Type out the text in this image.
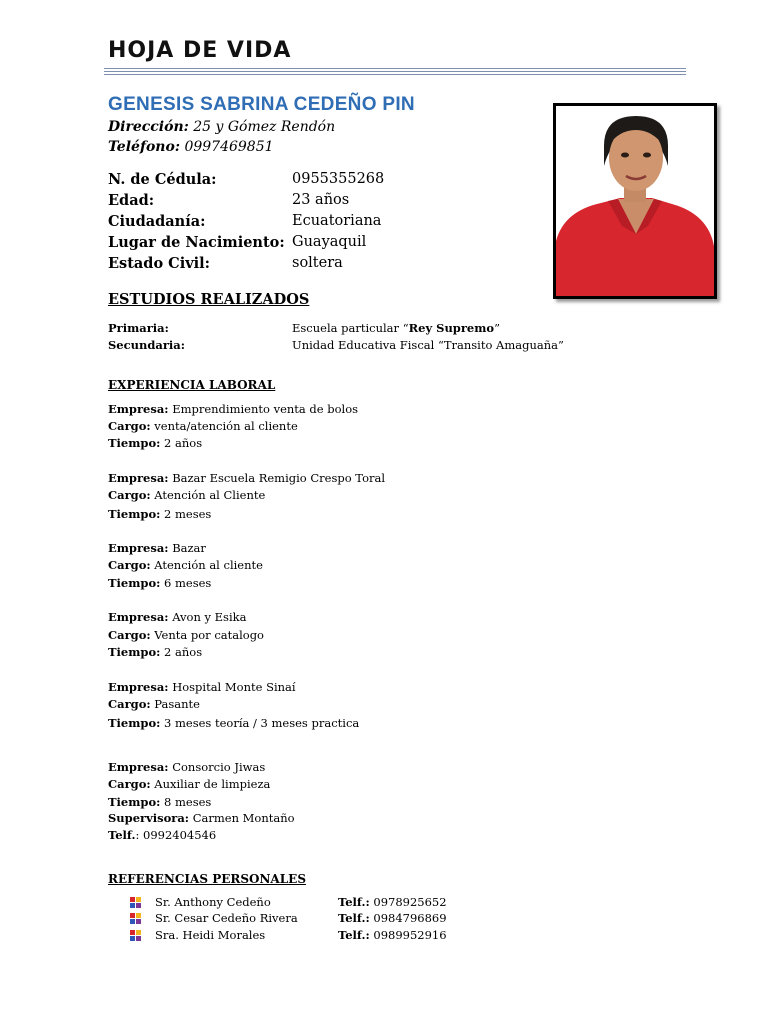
HOJA DE VIDA
GENESIS SABRINA CEDEÑO PIN
Dirección: 25 y Gómez Rendón
Teléfono: 0997469851
N. de Cédula:	0955355268
Edad:	23 años
Ciudadanía:	Ecuatoriana
Lugar de Nacimiento: Guayaquil
Estado Civil:	soltera
ESTUDIOS REALIZADOS
Primaria:	Escuela particular “Rey Supremo”
Secundaria:	Unidad Educativa Fiscal “Transito Amaguaña”
EXPERIENCIA LABORAL
Empresa: Emprendimiento venta de bolos
Cargo: venta/atención al cliente
Tiempo: 2 años
Empresa: Bazar Escuela Remigio Crespo Toral
Cargo: Atención al Cliente
Tiempo: 2 meses
Empresa: Bazar
Cargo: Atención al cliente
Tiempo: 6 meses
Empresa: Avon y Esika
Cargo: Venta por catalogo
Tiempo: 2 años
Empresa: Hospital Monte Sinaí
Cargo: Pasante
Tiempo: 3 meses teoría / 3 meses practica
Empresa: Consorcio Jiwas
Cargo: Auxiliar de limpieza
Tiempo: 8 meses
Supervisora: Carmen Montaño
Telf.: 0992404546
REFERENCIAS PERSONALES
Sr. Anthony Cedeño	Telf.: 0978925652
Sr. Cesar Cedeño Rivera	Telf.: 0984796869
Sra. Heidi Morales	Telf.: 0989952916
